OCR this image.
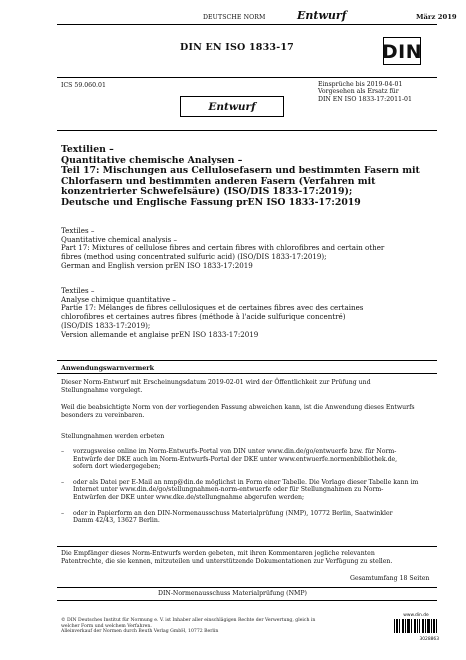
DEUTSCHE NORM	Entwurf	März 2019
DIN EN ISO 1833-17	DIN
ICS 59.060.01	Einsprüche bis 2019-04-01
Vorgesehen als Ersatz für
DIN EN ISO 1833-17:2011-01
Entwurf
Textilien –
Quantitative chemische Analysen –
Teil 17: Mischungen aus Cellulosefasern und bestimmten Fasern mit
Chlorfasern und bestimmten anderen Fasern (Verfahren mit
konzentrierter Schwefelsäure) (ISO/DIS 1833-17:2019);
Deutsche und Englische Fassung prEN ISO 1833-17:2019
Textiles –
Quantitative chemical analysis –
Part 17: Mixtures of cellulose fibres and certain fibres with chlorofibres and certain other
fibres (method using concentrated sulfuric acid) (ISO/DIS 1833-17:2019);
German and English version prEN ISO 1833-17:2019
Textiles –
Analyse chimique quantitative –
Partie 17: Mélanges de fibres cellulosiques et de certaines fibres avec des certaines
chlorofibres et certaines autres fibres (méthode à l'acide sulfurique concentré)
(ISO/DIS 1833-17:2019);
Version allemande et anglaise prEN ISO 1833-17:2019
Anwendungswarnvermerk
Dieser Norm-Entwurf mit Erscheinungsdatum 2019-02-01 wird der Öffentlichkeit zur Prüfung und
Stellungnahme vorgelegt.
Weil die beabsichtigte Norm von der vorliegenden Fassung abweichen kann, ist die Anwendung dieses Entwurfs
besonders zu vereinbaren.
Stellungnahmen werden erbeten
–	vorzugsweise online im Norm-Entwurfs-Portal von DIN unter www.din.de/go/entwuerfe bzw. für Norm-
Entwürfe der DKE auch im Norm-Entwurfs-Portal der DKE unter www.entwuerfe.normenbibliothek.de,
sofern dort wiedergegeben;
–	oder als Datei per E-Mail an nmp@din.de möglichst in Form einer Tabelle. Die Vorlage dieser Tabelle kann im
Internet unter www.din.de/go/stellungnahmen-norm-entwuerfe oder für Stellungnahmen zu Norm-
Entwürfen der DKE unter www.dke.de/stellungnahme abgerufen werden;
–	oder in Papierform an den DIN-Normenausschuss Materialprüfung (NMP), 10772 Berlin, Saatwinkler
Damm 42/43, 13627 Berlin.
Die Empfänger dieses Norm-Entwurfs werden gebeten, mit ihren Kommentaren jegliche relevanten
Patentrechte, die sie kennen, mitzuteilen und unterstützende Dokumentationen zur Verfügung zu stellen.
Gesamtumfang 18 Seiten
DIN-Normenausschuss Materialprüfung (NMP)
© DIN Deutsches Institut für Normung e. V. ist Inhaber aller einschlägigen Rechte der Verwertung, gleich in
welcher Form und welchem Verfahren.
Alleinverkauf der Normen durch Beuth Verlag GmbH, 10772 Berlin
www.din.de
3028863
